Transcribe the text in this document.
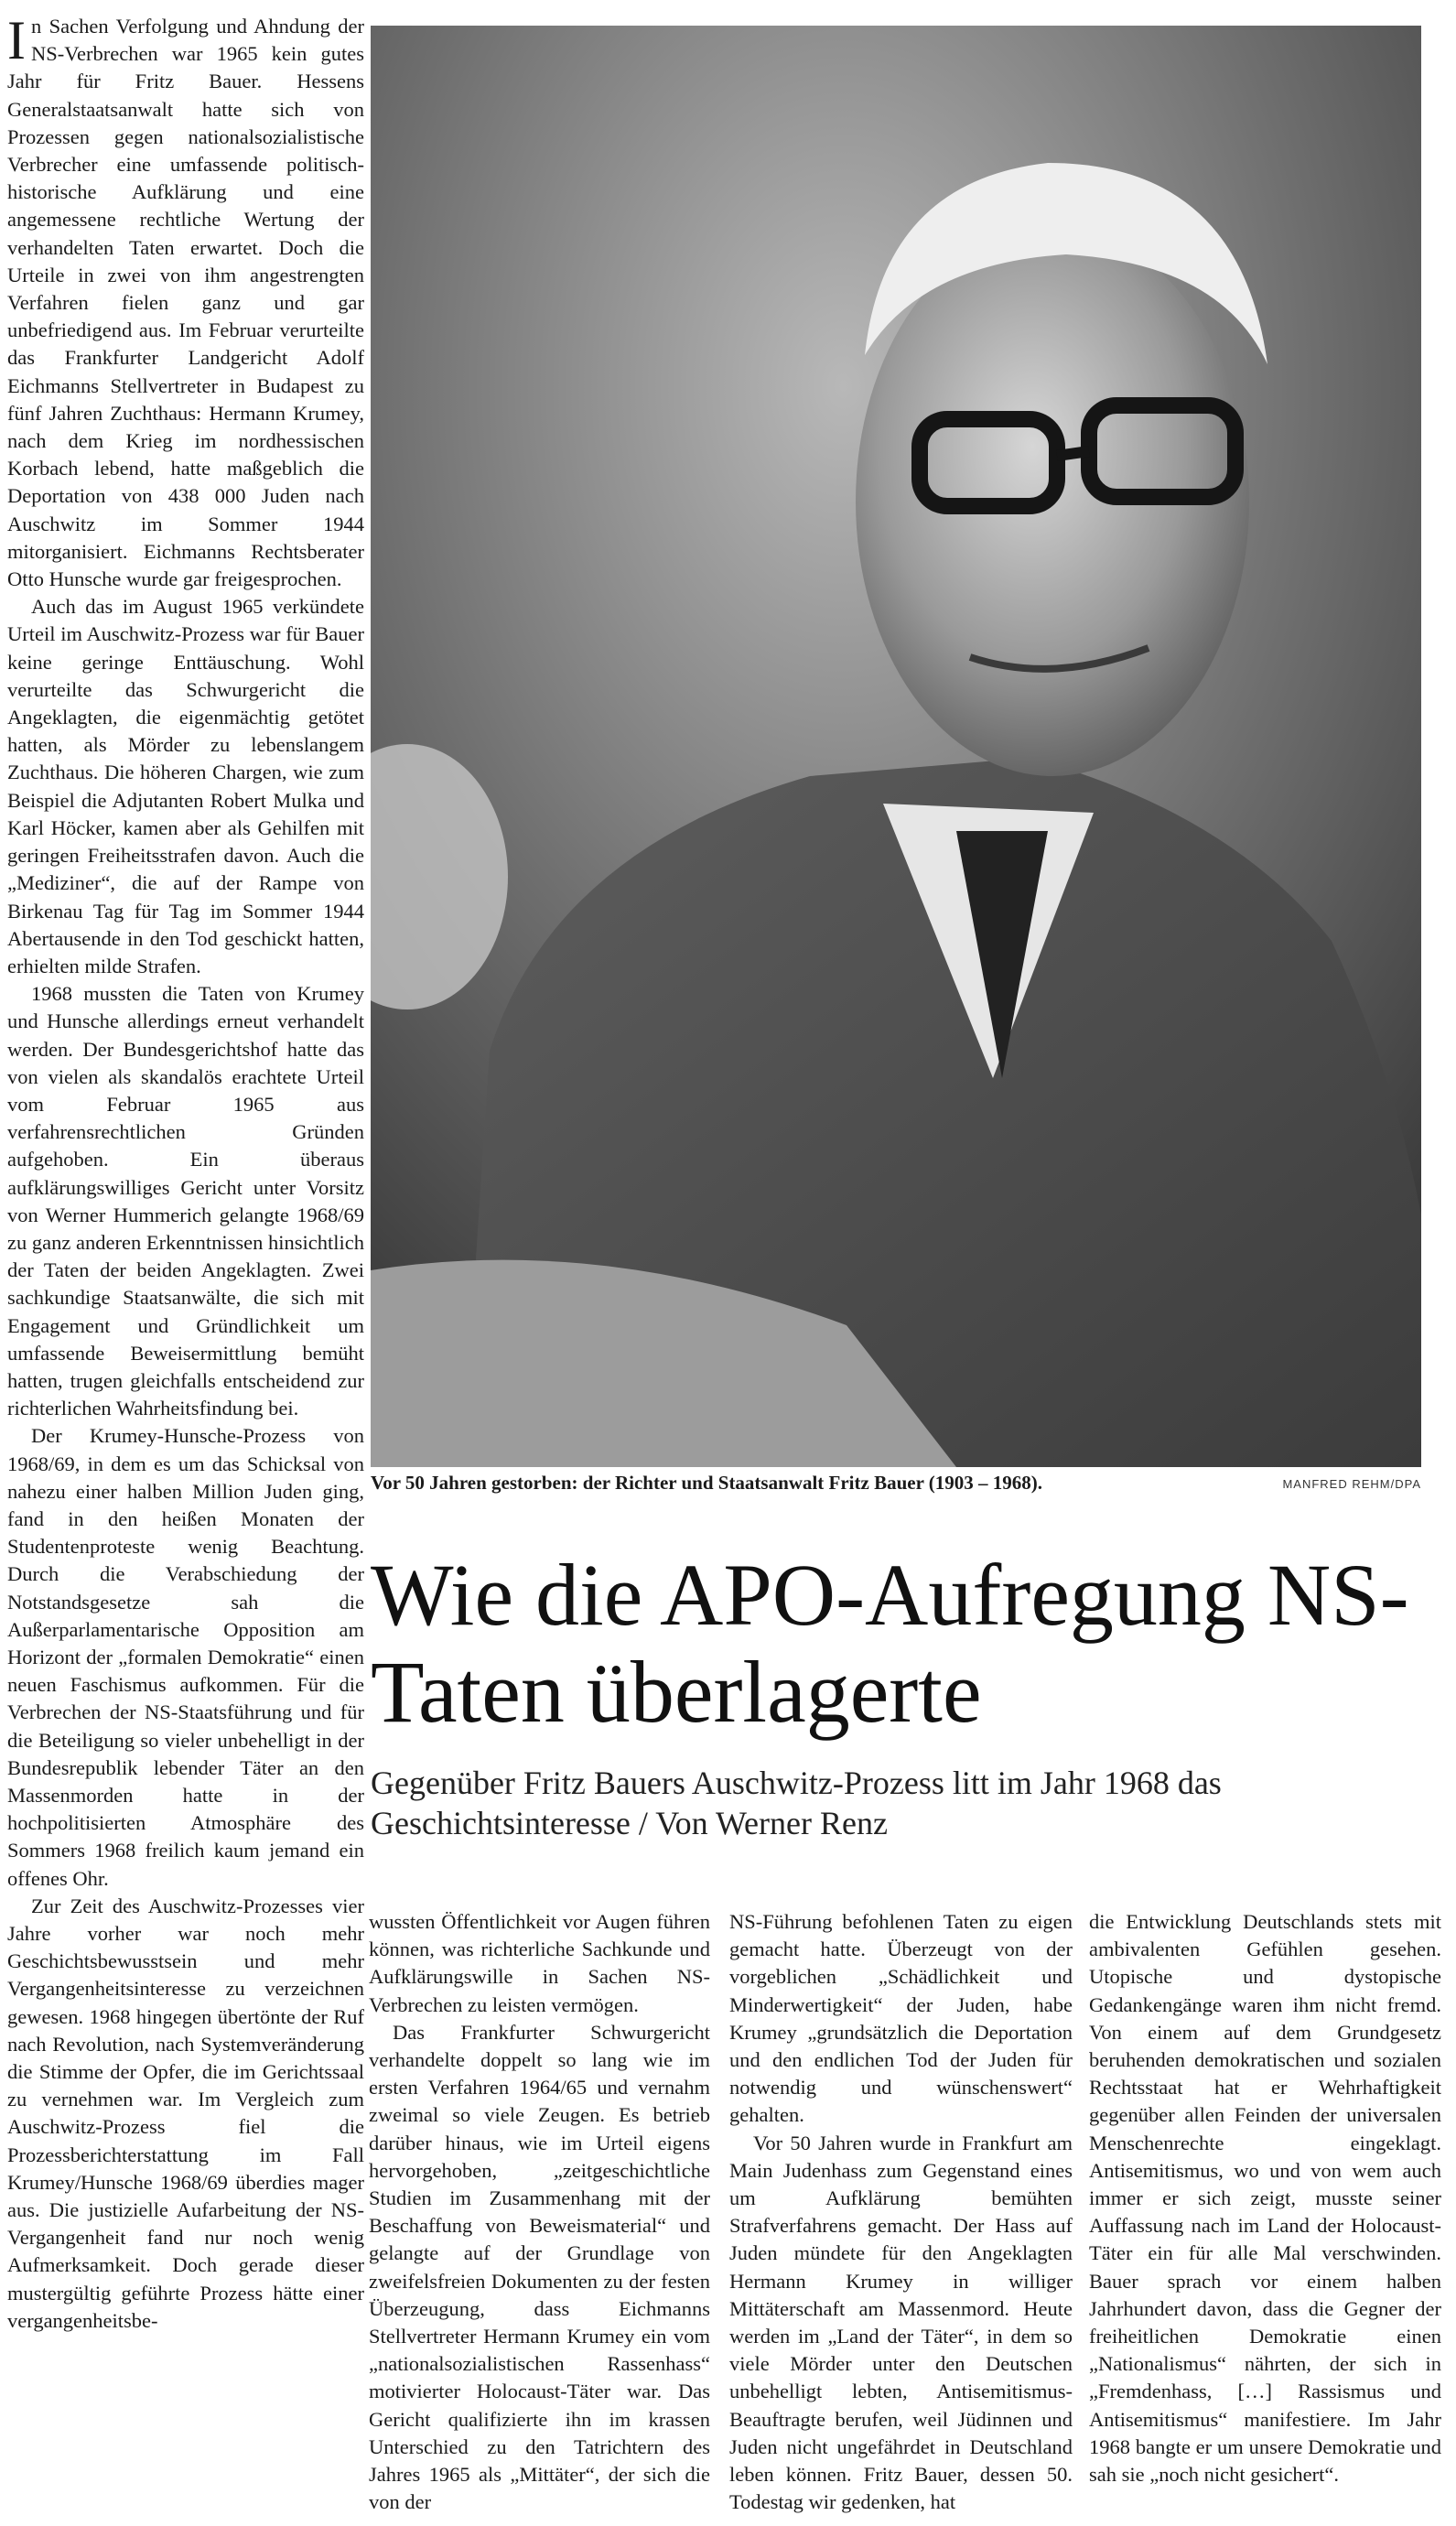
In Sachen Verfolgung und Ahndung der NS-Verbrechen war 1965 kein gutes Jahr für Fritz Bauer. Hessens Generalstaatsanwalt hatte sich von Prozessen gegen nationalsozialistische Verbrecher eine umfassende politisch-historische Aufklärung und eine angemessene rechtliche Wertung der verhandelten Taten erwartet. Doch die Urteile in zwei von ihm angestrengten Verfahren fielen ganz und gar unbefriedigend aus. Im Februar verurteilte das Frankfurter Landgericht Adolf Eichmanns Stellvertreter in Budapest zu fünf Jahren Zuchthaus: Hermann Krumey, nach dem Krieg im nordhessischen Korbach lebend, hatte maßgeblich die Deportation von 438 000 Juden nach Auschwitz im Sommer 1944 mitorganisiert. Eichmanns Rechtsberater Otto Hunsche wurde gar freigesprochen.

Auch das im August 1965 verkündete Urteil im Auschwitz-Prozess war für Bauer keine geringe Enttäuschung. Wohl verurteilte das Schwurgericht die Angeklagten, die eigenmächtig getötet hatten, als Mörder zu lebenslangem Zuchthaus. Die höheren Chargen, wie zum Beispiel die Adjutanten Robert Mulka und Karl Höcker, kamen aber als Gehilfen mit geringen Freiheitsstrafen davon. Auch die „Mediziner“, die auf der Rampe von Birkenau Tag für Tag im Sommer 1944 Abertausende in den Tod geschickt hatten, erhielten milde Strafen.

1968 mussten die Taten von Krumey und Hunsche allerdings erneut verhandelt werden. Der Bundesgerichtshof hatte das von vielen als skandalös erachtete Urteil vom Februar 1965 aus verfahrensrechtlichen Gründen aufgehoben. Ein überaus aufklärungswilliges Gericht unter Vorsitz von Werner Hummerich gelangte 1968/69 zu ganz anderen Erkenntnissen hinsichtlich der Taten der beiden Angeklagten. Zwei sachkundige Staatsanwälte, die sich mit Engagement und Gründlichkeit um umfassende Beweisermittlung bemüht hatten, trugen gleichfalls entscheidend zur richterlichen Wahrheitsfindung bei.

Der Krumey-Hunsche-Prozess von 1968/69, in dem es um das Schicksal von nahezu einer halben Million Juden ging, fand in den heißen Monaten der Studentenproteste wenig Beachtung. Durch die Verabschiedung der Notstandsgesetze sah die Außerparlamentarische Opposition am Horizont der „formalen Demokratie“ einen neuen Faschismus aufkommen. Für die Verbrechen der NS-Staatsführung und für die Beteiligung so vieler unbehelligt in der Bundesrepublik lebender Täter an den Massenmorden hatte in der hochpolitisierten Atmosphäre des Sommers 1968 freilich kaum jemand ein offenes Ohr.

Zur Zeit des Auschwitz-Prozesses vier Jahre vorher war noch mehr Geschichtsbewusstsein und mehr Vergangenheitsinteresse zu verzeichnen gewesen. 1968 hingegen übertönte der Ruf nach Revolution, nach Systemveränderung die Stimme der Opfer, die im Gerichtssaal zu vernehmen war. Im Vergleich zum Auschwitz-Prozess fiel die Prozessberichterstattung im Fall Krumey/Hunsche 1968/69 überdies mager aus. Die justizielle Aufarbeitung der NS-Vergangenheit fand nur noch wenig Aufmerksamkeit. Doch gerade dieser mustergültig geführte Prozess hätte einer vergangenheitsbe-

Vor 50 Jahren gestorben: der Richter und Staatsanwalt Fritz Bauer (1903 – 1968).	MANFRED REHM/DPA
Wie die APO-Aufregung NS-Taten überlagerte
Gegenüber Fritz Bauers Auschwitz-Prozess litt im Jahr 1968 das Geschichtsinteresse / Von Werner Renz

wussten Öffentlichkeit vor Augen führen können, was richterliche Sachkunde und Aufklärungswille in Sachen NS-Verbrechen zu leisten vermögen.

Das Frankfurter Schwurgericht verhandelte doppelt so lang wie im ersten Verfahren 1964/65 und vernahm zweimal so viele Zeugen. Es betrieb darüber hinaus, wie im Urteil eigens hervorgehoben, „zeitgeschichtliche Studien im Zusammenhang mit der Beschaffung von Beweismaterial“ und gelangte auf der Grundlage von zweifelsfreien Dokumenten zu der festen Überzeugung, dass Eichmanns Stellvertreter Hermann Krumey ein vom „nationalsozialistischen Rassenhass“ motivierter Holocaust-Täter war. Das Gericht qualifizierte ihn im krassen Unterschied zu den Tatrichtern des Jahres 1965 als „Mittäter“, der sich die von der

NS-Führung befohlenen Taten zu eigen gemacht hatte. Überzeugt von der vorgeblichen „Schädlichkeit und Minderwertigkeit“ der Juden, habe Krumey „grundsätzlich die Deportation und den endlichen Tod der Juden für notwendig und wünschenswert“ gehalten.

Vor 50 Jahren wurde in Frankfurt am Main Judenhass zum Gegenstand eines um Aufklärung bemühten Strafverfahrens gemacht. Der Hass auf Juden mündete für den Angeklagten Hermann Krumey in williger Mittäterschaft am Massenmord. Heute werden im „Land der Täter“, in dem so viele Mörder unter den Deutschen unbehelligt lebten, Antisemitismus-Beauftragte berufen, weil Jüdinnen und Juden nicht ungefährdet in Deutschland leben können. Fritz Bauer, dessen 50. Todestag wir gedenken, hat

die Entwicklung Deutschlands stets mit ambivalenten Gefühlen gesehen. Utopische und dystopische Gedankengänge waren ihm nicht fremd. Von einem auf dem Grundgesetz beruhenden demokratischen und sozialen Rechtsstaat hat er Wehrhaftigkeit gegenüber allen Feinden der universalen Menschenrechte eingeklagt. Antisemitismus, wo und von wem auch immer er sich zeigt, musste seiner Auffassung nach im Land der Holocaust-Täter ein für alle Mal verschwinden. Bauer sprach vor einem halben Jahrhundert davon, dass die Gegner der freiheitlichen Demokratie einen „Nationalismus“ nährten, der sich in „Fremdenhass, […] Rassismus und Antisemitismus“ manifestiere. Im Jahr 1968 bangte er um unsere Demokratie und sah sie „noch nicht gesichert“.
